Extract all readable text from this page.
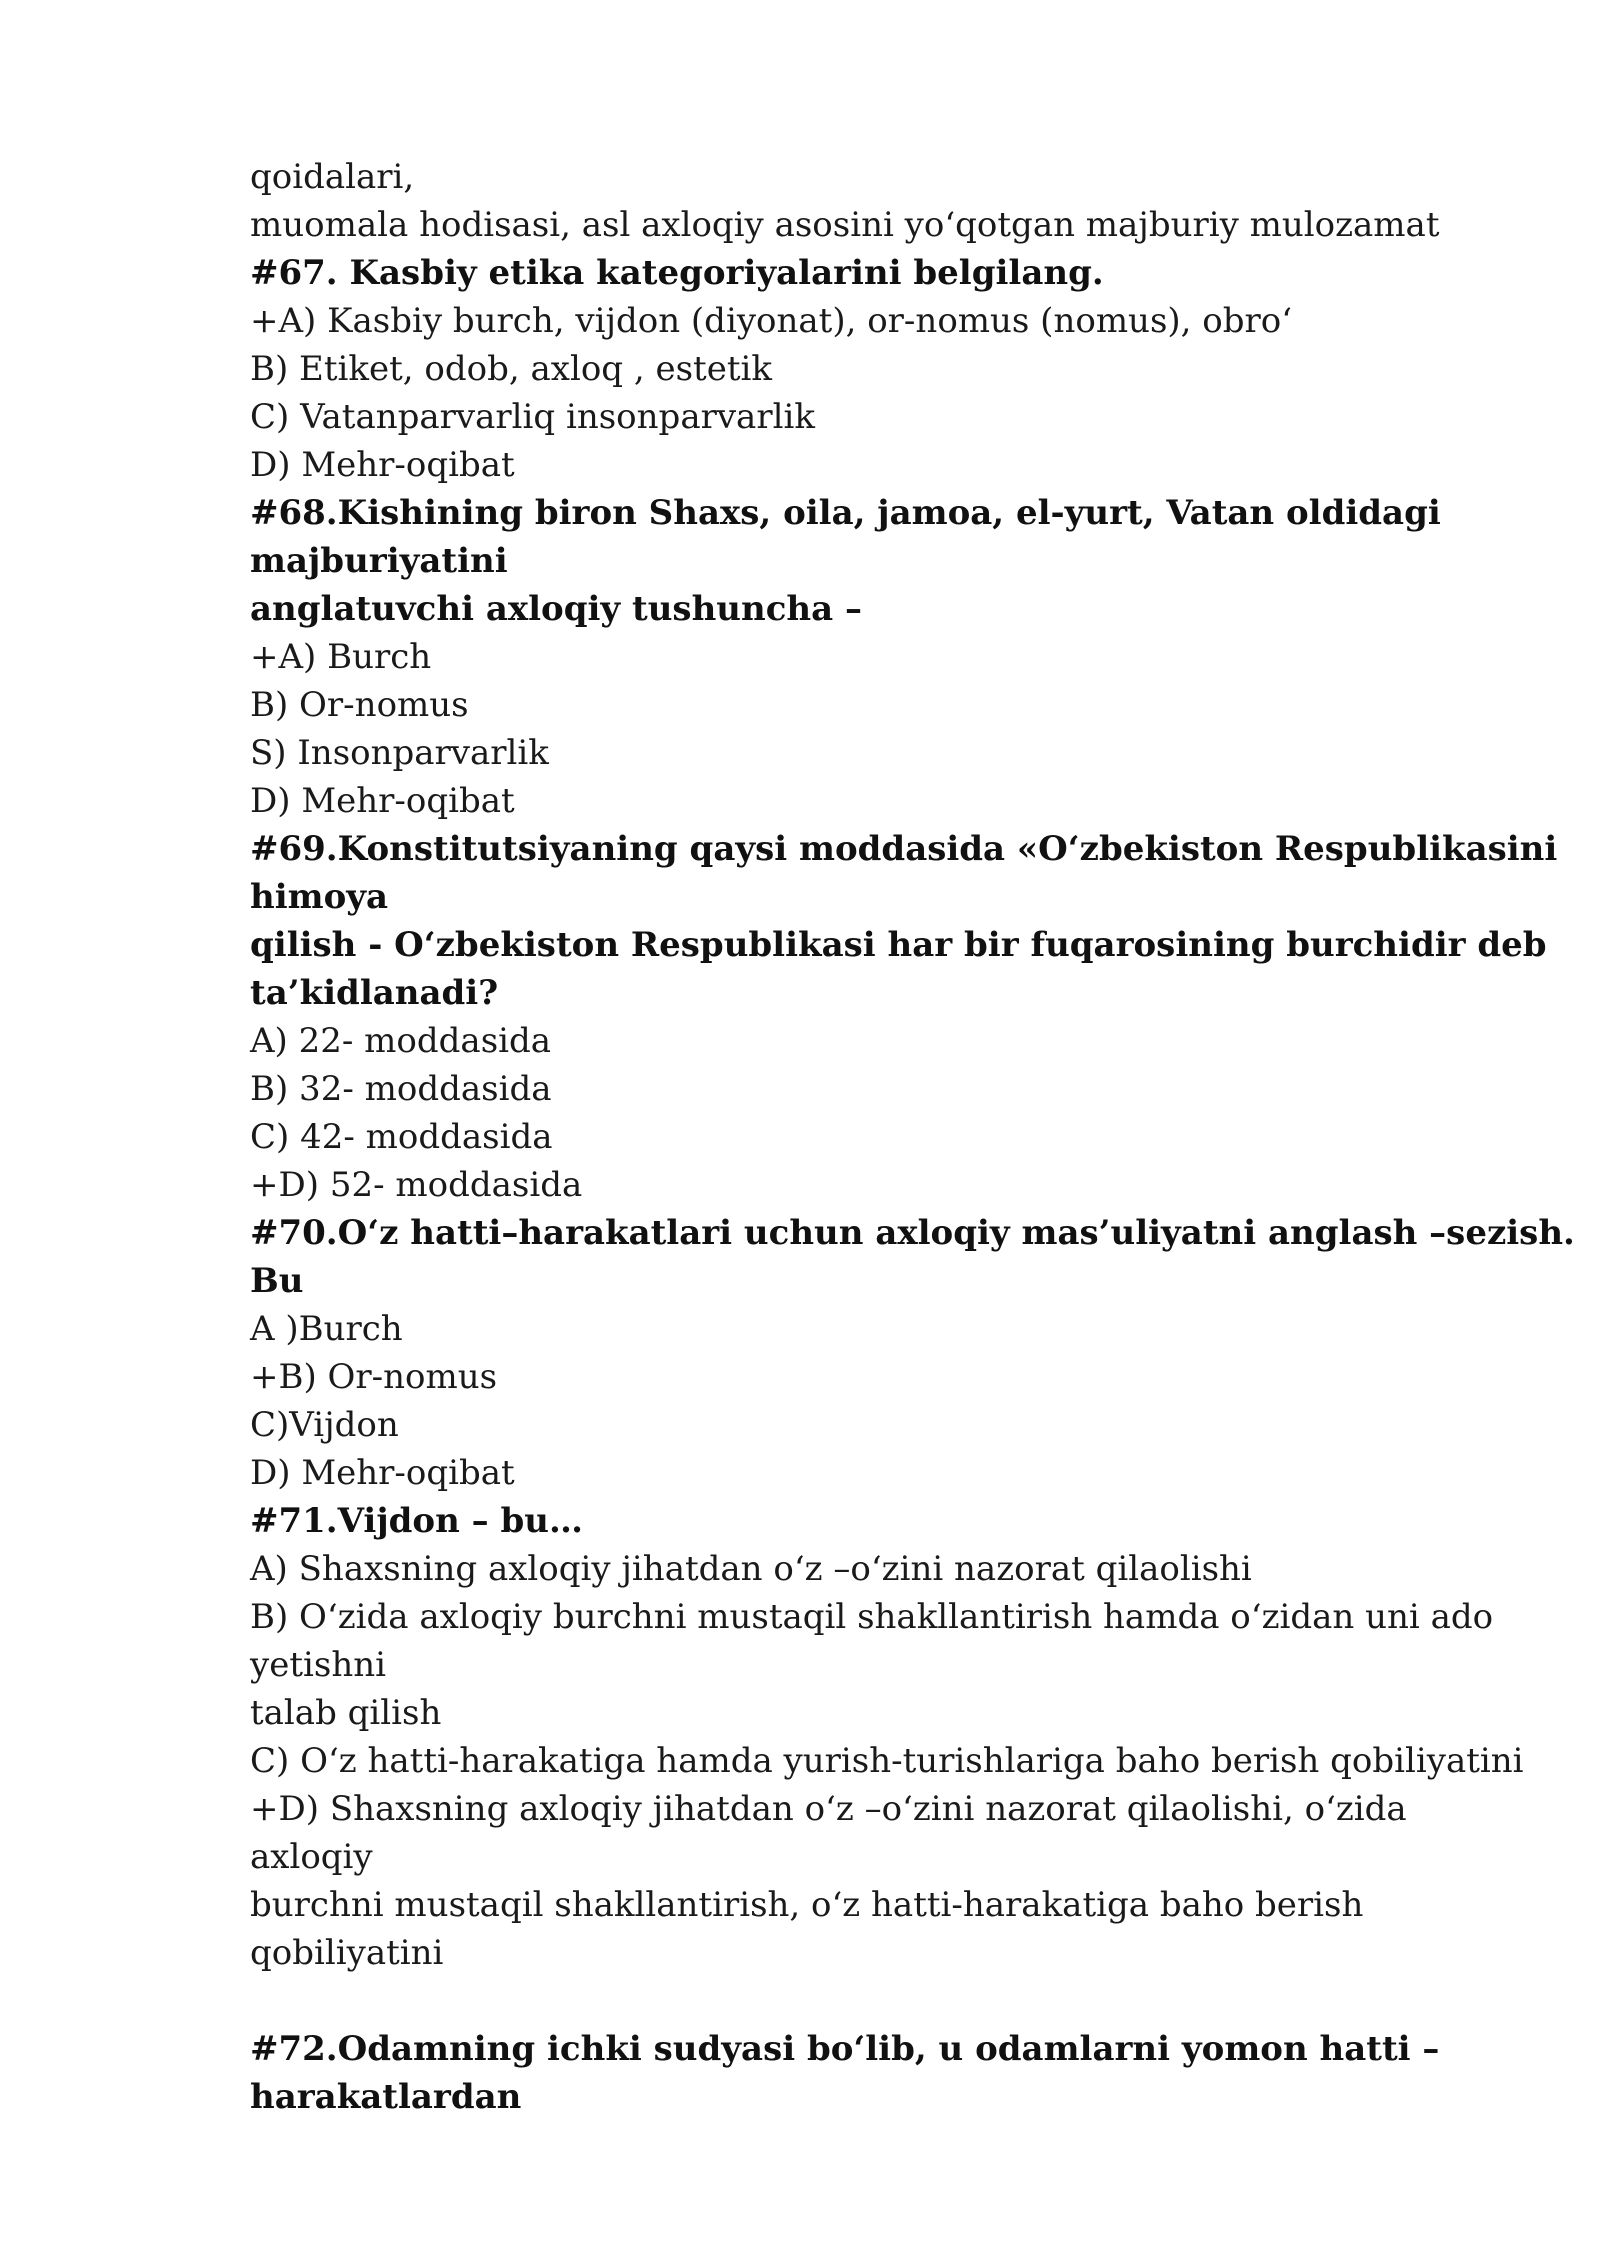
qoidalari,
muomala hodisasi, asl axloqiy asosini yo‘qotgan majburiy mulozamat
#67. Kasbiy etika kategoriyalarini belgilang.
+A) Kasbiy burch, vijdon (diyonat), or-nomus (nomus), obro‘
B) Etiket, odob, axloq , estetik
C) Vatanparvarliq insonparvarlik
D) Mehr-oqibat
#68.Kishining biron Shaxs, oila, jamoa, el-yurt, Vatan oldidagi
majburiyatini
anglatuvchi axloqiy tushuncha –
+A) Burch
B) Or-nomus
S) Insonparvarlik
D) Mehr-oqibat
#69.Konstitutsiyaning qaysi moddasida «O‘zbekiston Respublikasini
himoya
qilish - O‘zbekiston Respublikasi har bir fuqarosining burchidir deb
ta’kidlanadi?
A) 22- moddasida
B) 32- moddasida
C) 42- moddasida
+D) 52- moddasida
#70.O‘z hatti–harakatlari uchun axloqiy mas’uliyatni anglash –sezish.
Bu
A )Burch
+B) Or-nomus
C)Vijdon
D) Mehr-oqibat
#71.Vijdon – bu…
A) Shaxsning axloqiy jihatdan o‘z –o‘zini nazorat qilaolishi
B) O‘zida axloqiy burchni mustaqil shakllantirish hamda o‘zidan uni ado
yetishni
talab qilish
C) O‘z hatti-harakatiga hamda yurish-turishlariga baho berish qobiliyatini
+D) Shaxsning axloqiy jihatdan o‘z –o‘zini nazorat qilaolishi, o‘zida
axloqiy
burchni mustaqil shakllantirish, o‘z hatti-harakatiga baho berish
qobiliyatini
#72.Odamning ichki sudyasi bo‘lib, u odamlarni yomon hatti –
harakatlardan
